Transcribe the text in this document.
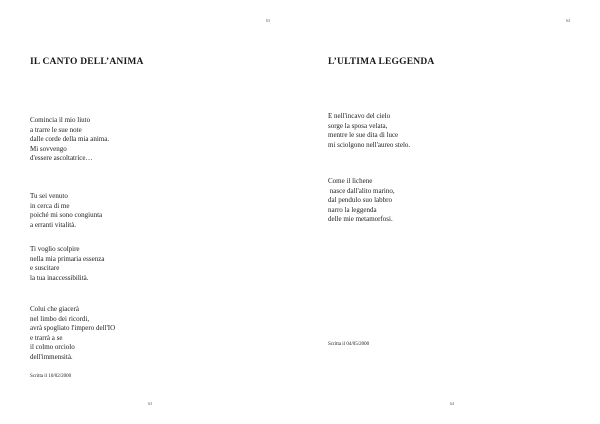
63
IL CANTO DELL’ANIMA
Comincia il mio liuto
a trarre le sue note
dalle corde della mia anima.
Mi sovvengo
d'essere ascoltatrice…
Tu sei venuto
in cerca di me
poiché mi sono congiunta
a erranti vitalità.
Ti voglio scolpire
nella mia primaria essenza
e suscitare
la tua inaccessibilità.
Colui che giacerà
nel limbo dei ricordi,
avrà spogliato l'impero dell'IO
e trarrà a se
il colmo orciolo
dell'immensità.
Scritta il 10/02/2000
63
64
L’ULTIMA LEGGENDA
E nell'incavo del cielo
sorge la sposa velata,
mentre le sue dita di luce
mi sciolgono nell'aureo stelo.
Come il lichene
nasce dall'alito marino,
dal pendulo suo labbro
narro la leggenda
delle mie metamorfosi.
Scritta il 04/05/2000
64
